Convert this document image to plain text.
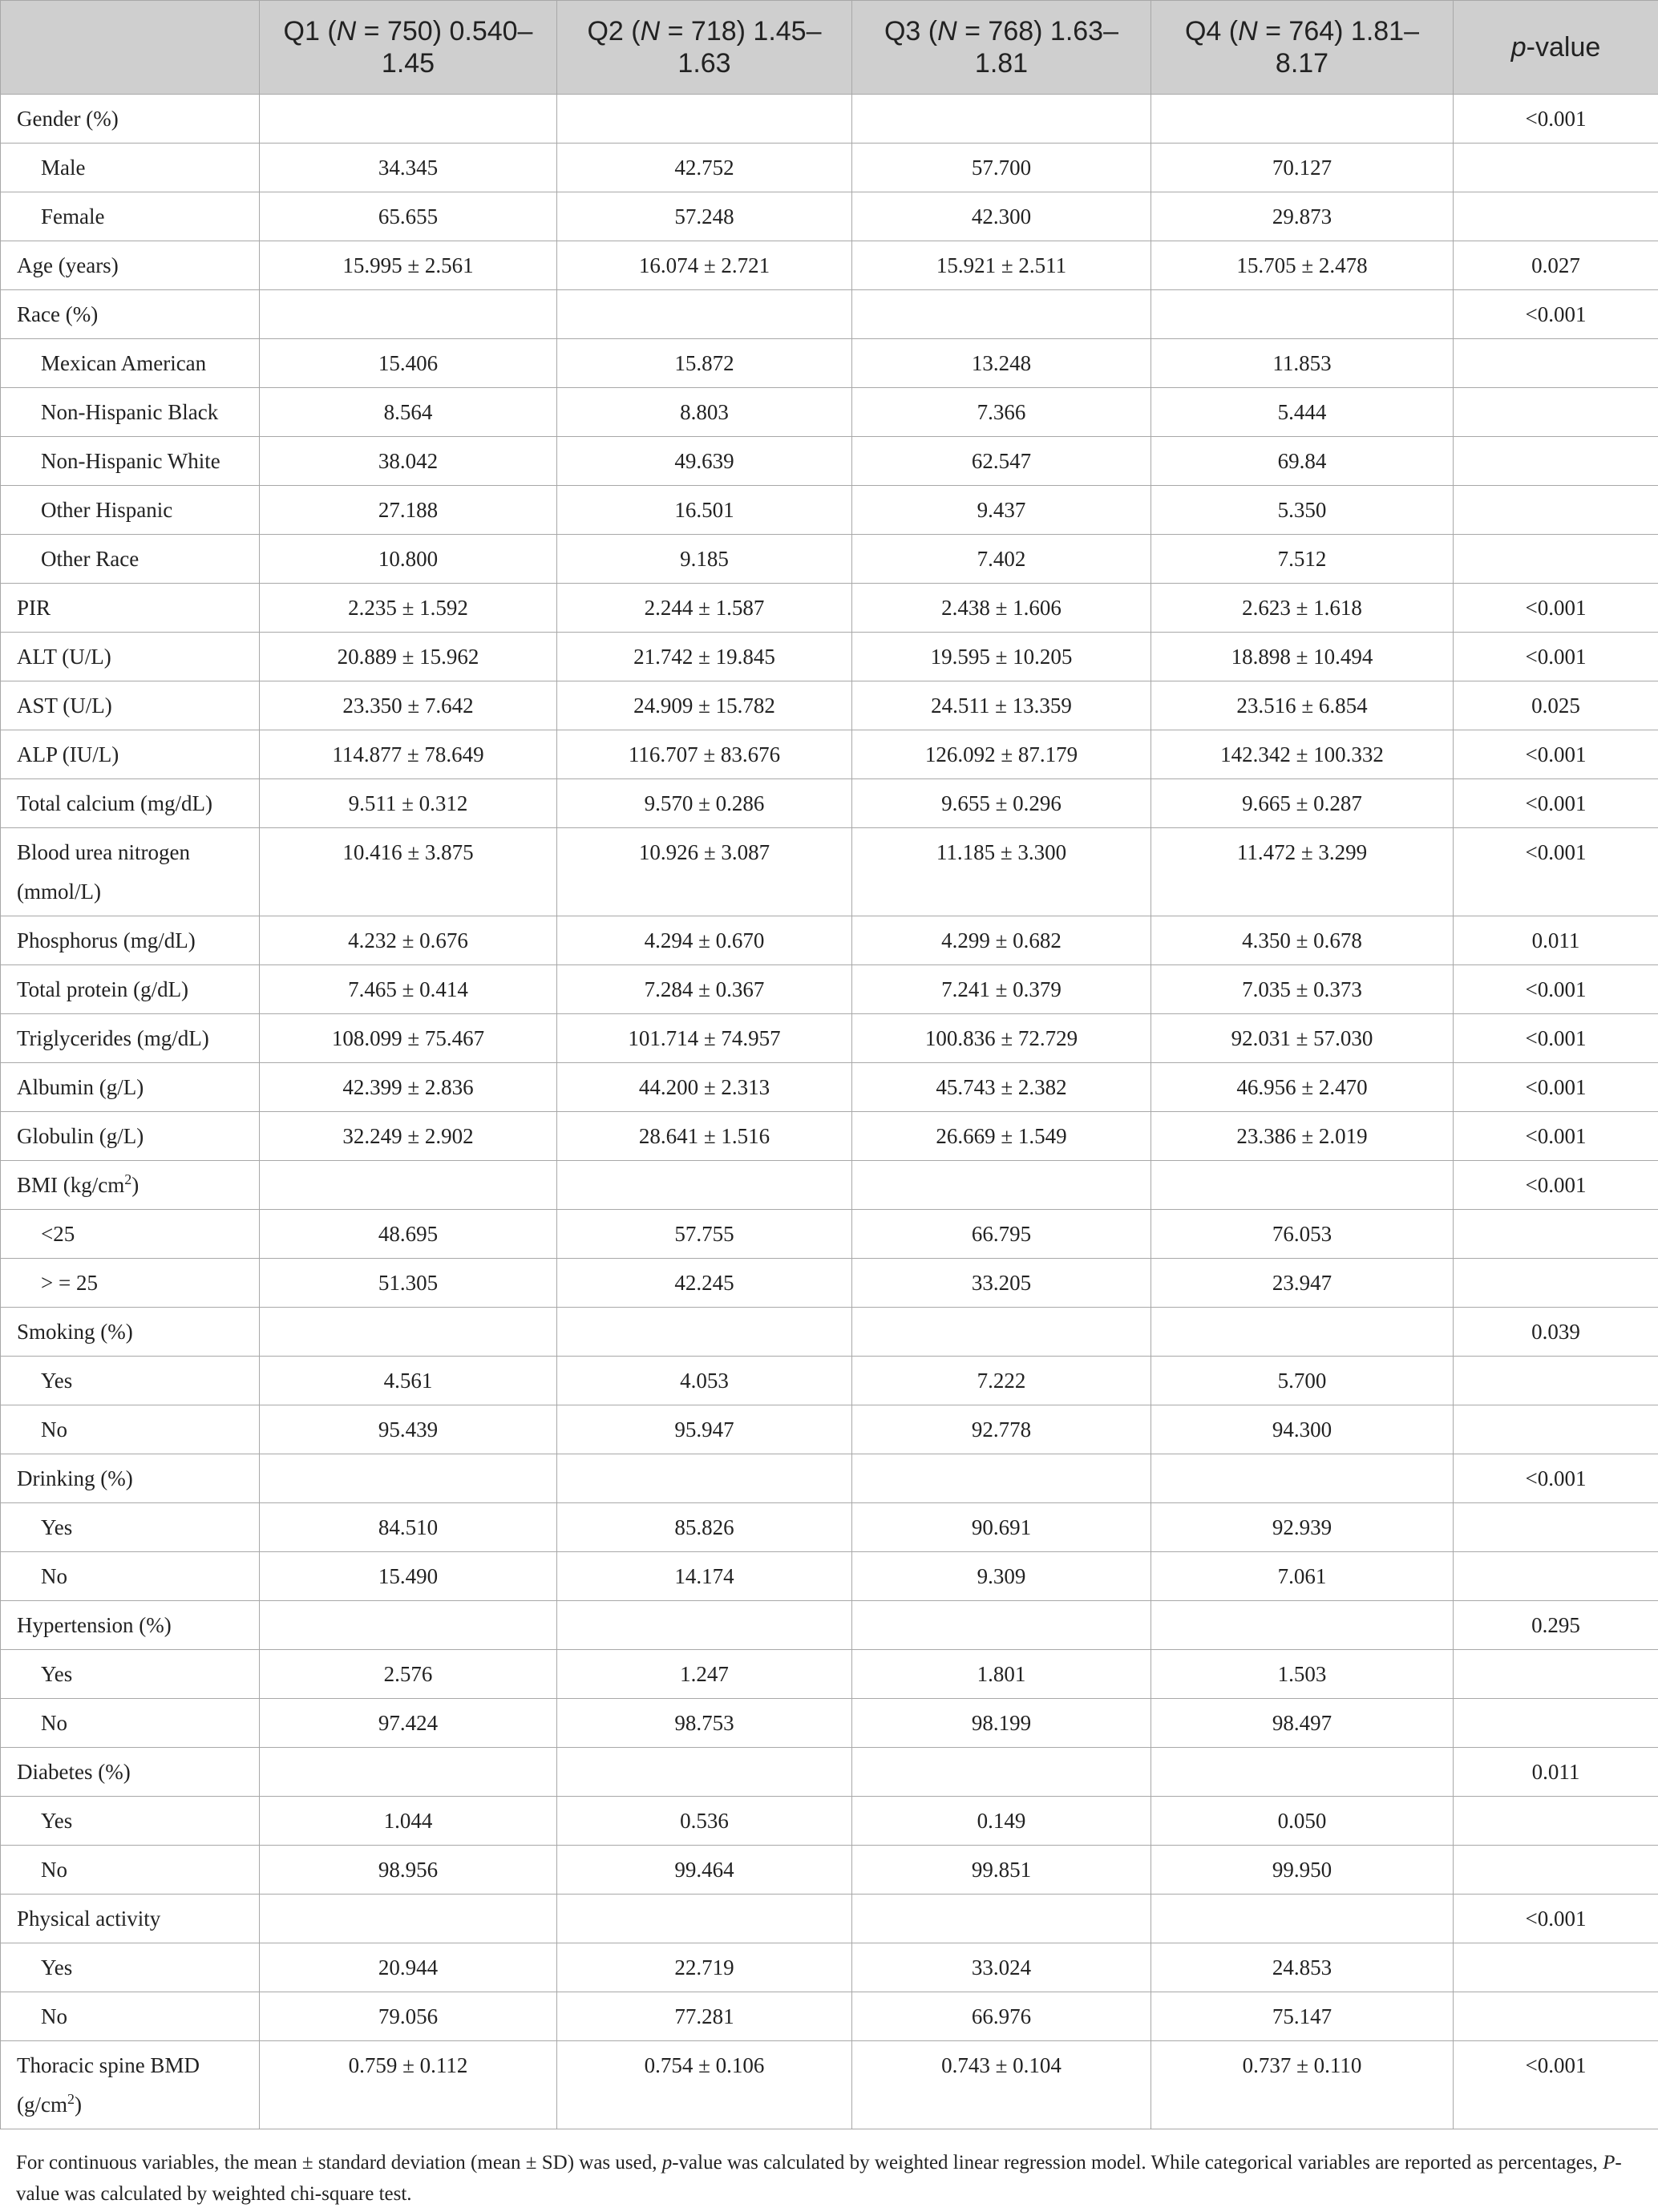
	Q1 (N = 750) 0.540–1.45	Q2 (N = 718) 1.45–1.63	Q3 (N = 768) 1.63–1.81	Q4 (N = 764) 1.81–8.17	p-value
Gender (%)					<0.001
Male	34.345	42.752	57.700	70.127	
Female	65.655	57.248	42.300	29.873	
Age (years)	15.995 ± 2.561	16.074 ± 2.721	15.921 ± 2.511	15.705 ± 2.478	0.027
Race (%)					<0.001
Mexican American	15.406	15.872	13.248	11.853	
Non-Hispanic Black	8.564	8.803	7.366	5.444	
Non-Hispanic White	38.042	49.639	62.547	69.84	
Other Hispanic	27.188	16.501	9.437	5.350	
Other Race	10.800	9.185	7.402	7.512	
PIR	2.235 ± 1.592	2.244 ± 1.587	2.438 ± 1.606	2.623 ± 1.618	<0.001
ALT (U/L)	20.889 ± 15.962	21.742 ± 19.845	19.595 ± 10.205	18.898 ± 10.494	<0.001
AST (U/L)	23.350 ± 7.642	24.909 ± 15.782	24.511 ± 13.359	23.516 ± 6.854	0.025
ALP (IU/L)	114.877 ± 78.649	116.707 ± 83.676	126.092 ± 87.179	142.342 ± 100.332	<0.001
Total calcium (mg/dL)	9.511 ± 0.312	9.570 ± 0.286	9.655 ± 0.296	9.665 ± 0.287	<0.001
Blood urea nitrogen (mmol/L)	10.416 ± 3.875	10.926 ± 3.087	11.185 ± 3.300	11.472 ± 3.299	<0.001
Phosphorus (mg/dL)	4.232 ± 0.676	4.294 ± 0.670	4.299 ± 0.682	4.350 ± 0.678	0.011
Total protein (g/dL)	7.465 ± 0.414	7.284 ± 0.367	7.241 ± 0.379	7.035 ± 0.373	<0.001
Triglycerides (mg/dL)	108.099 ± 75.467	101.714 ± 74.957	100.836 ± 72.729	92.031 ± 57.030	<0.001
Albumin (g/L)	42.399 ± 2.836	44.200 ± 2.313	45.743 ± 2.382	46.956 ± 2.470	<0.001
Globulin (g/L)	32.249 ± 2.902	28.641 ± 1.516	26.669 ± 1.549	23.386 ± 2.019	<0.001
BMI $(kg/cm^2)$					<0.001
<25	48.695	57.755	66.795	76.053	
> = 25	51.305	42.245	33.205	23.947	
Smoking (%)					0.039
Yes	4.561	4.053	7.222	5.700	
No	95.439	95.947	92.778	94.300	
Drinking (%)					<0.001
Yes	84.510	85.826	90.691	92.939	
No	15.490	14.174	9.309	7.061	
Hypertension (%)					0.295
Yes	2.576	1.247	1.801	1.503	
No	97.424	98.753	98.199	98.497	
Diabetes (%)					0.011
Yes	1.044	0.536	0.149	0.050	
No	98.956	99.464	99.851	99.950	
Physical activity					<0.001
Yes	20.944	22.719	33.024	24.853	
No	79.056	77.281	66.976	75.147	
Thoracic spine BMD $(g/cm^2)$	0.759 ± 0.112	0.754 ± 0.106	0.743 ± 0.104	0.737 ± 0.110	<0.001
For continuous variables, the mean ± standard deviation (mean ± SD) was used, p-value was calculated by weighted linear regression model. While categorical variables are reported as percentages, P-value was calculated by weighted chi-square test.
